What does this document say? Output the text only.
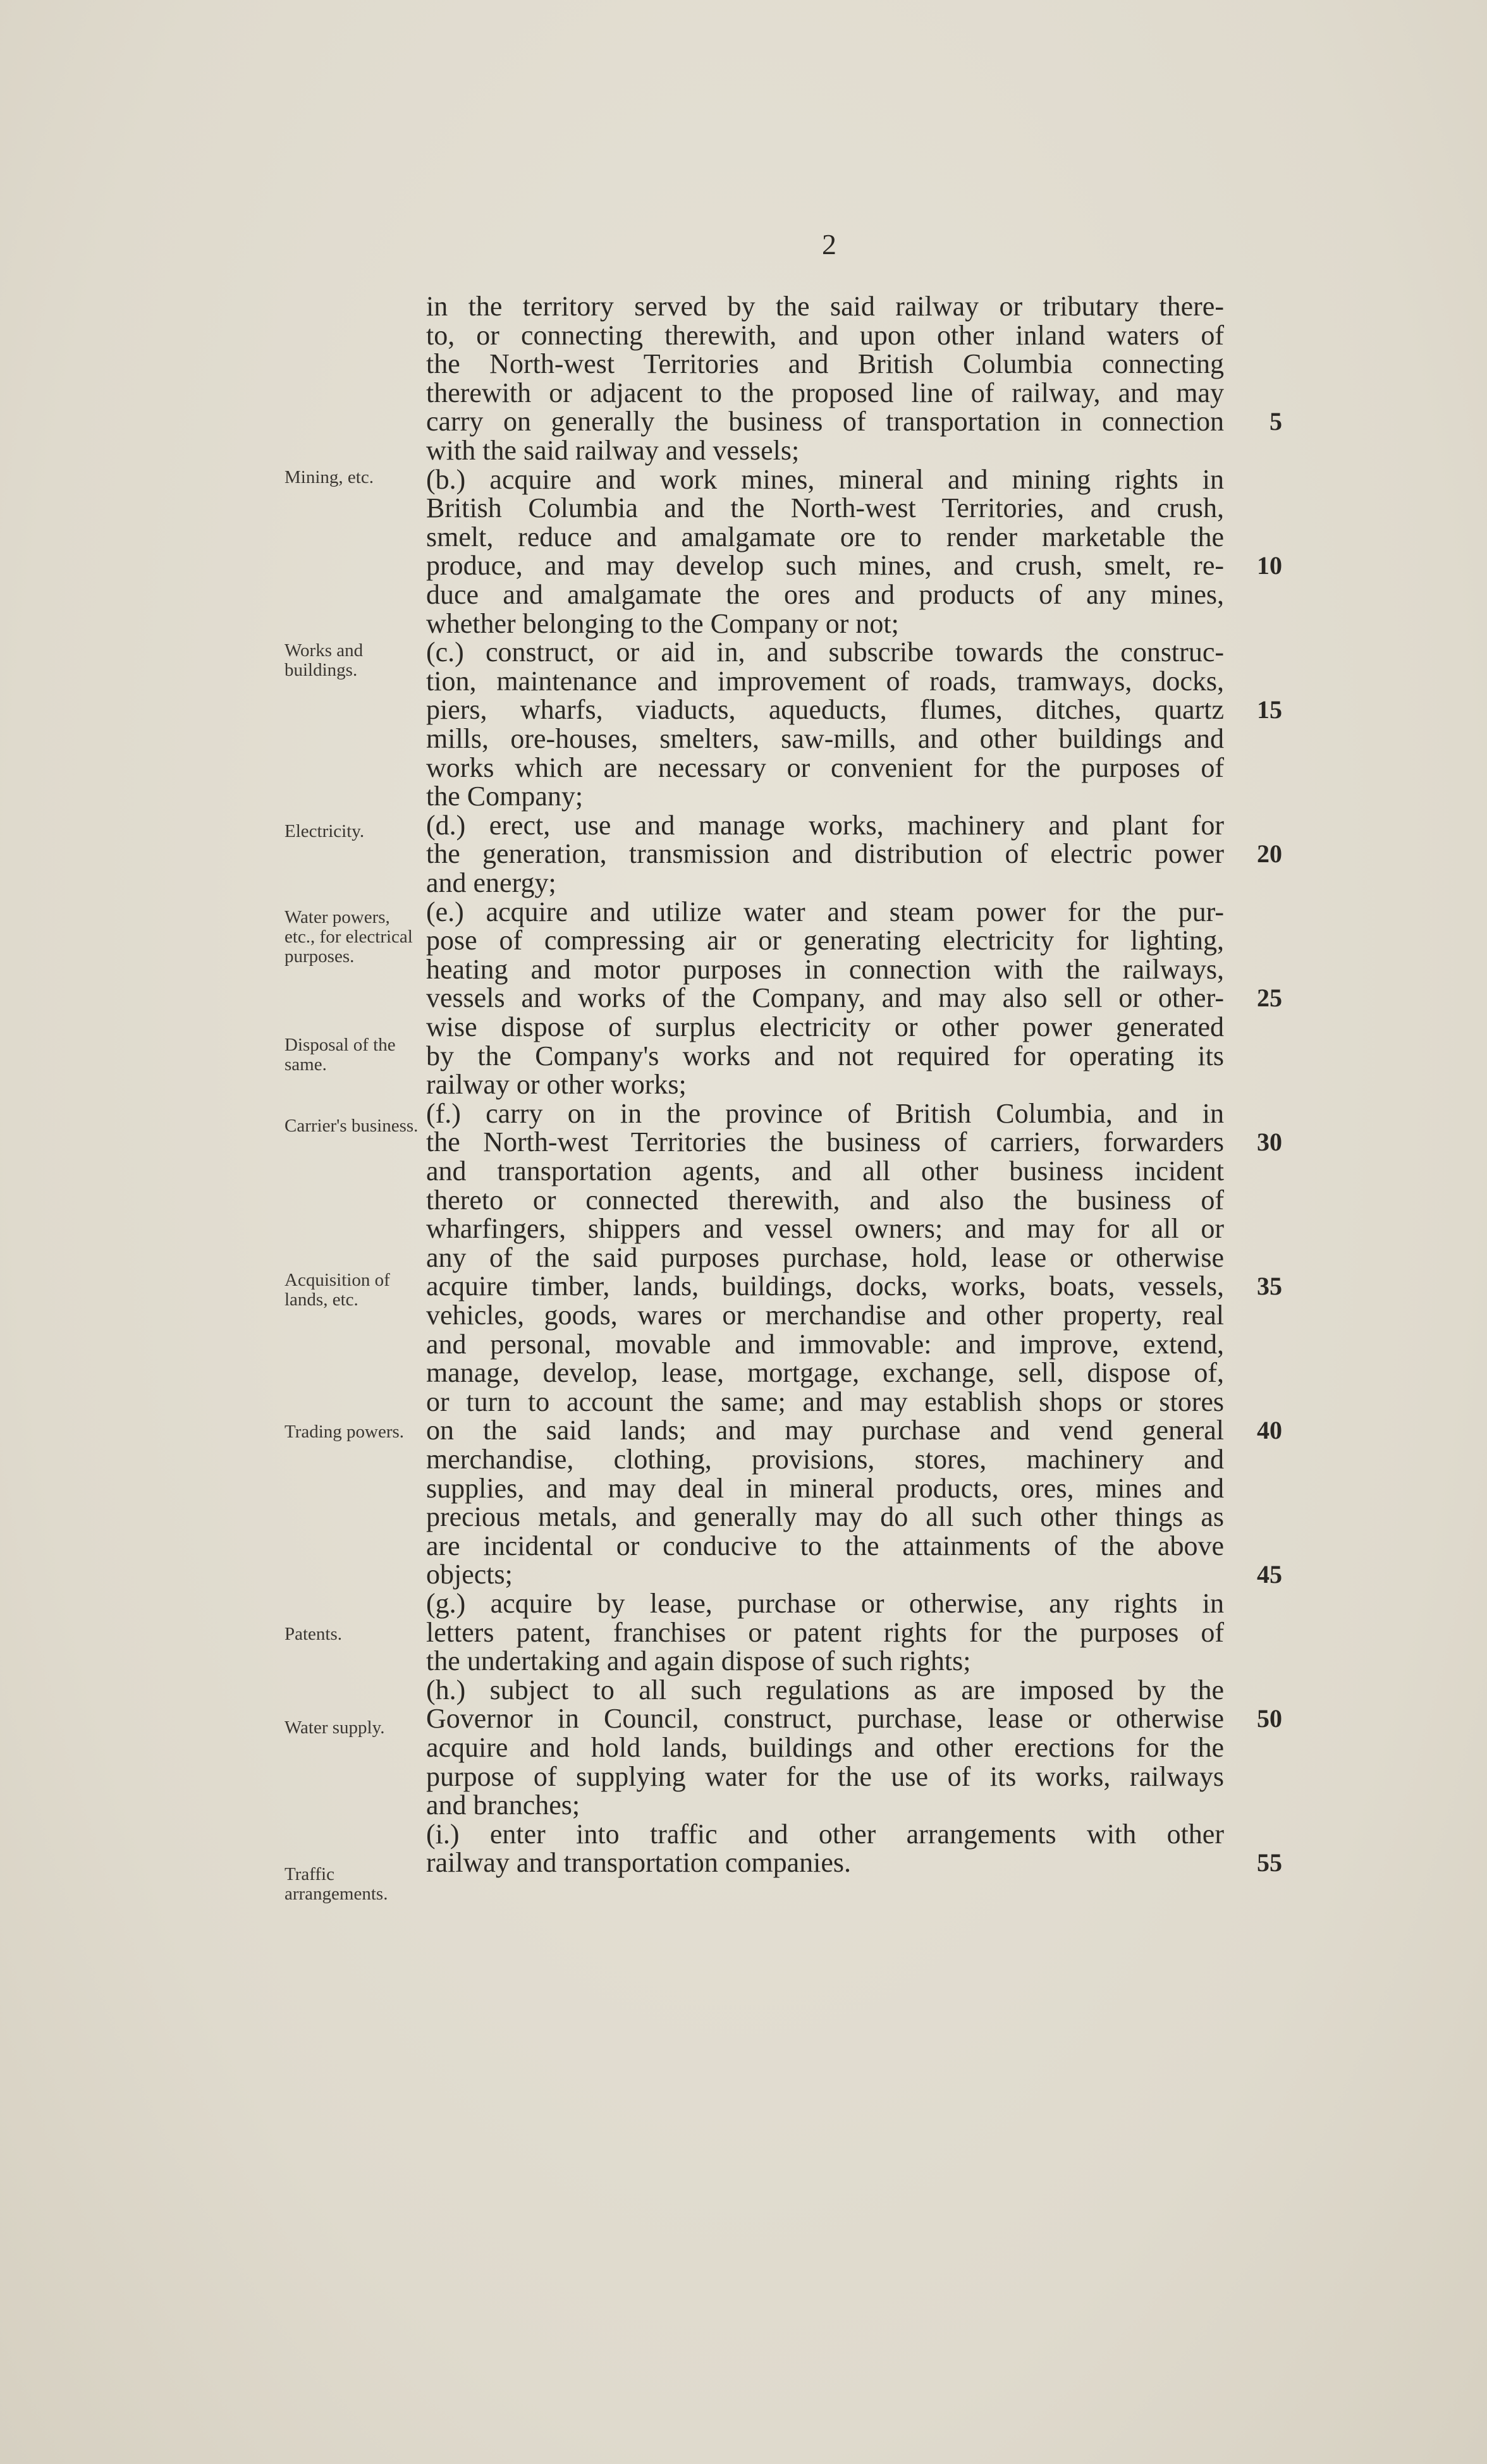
2
Mining, etc.
Works and buildings.
Electricity.
Water powers, etc., for electrical purposes.
Disposal of the same.
Carrier's business.
Acquisition of lands, etc.
Trading powers.
Patents.
Water supply.
Traffic arrangements.
in the territory served by the said railway or tributary there-
to, or connecting therewith, and upon other inland waters of
the North-west Territories and British Columbia connecting
therewith or adjacent to the proposed line of railway, and may
carry on generally the business of transportation in connection	5
with the said railway and vessels;
(b.) acquire and work mines, mineral and mining rights in
British Columbia and the North-west Territories, and crush,
smelt, reduce and amalgamate ore to render marketable the
produce, and may develop such mines, and crush, smelt, re-	10
duce and amalgamate the ores and products of any mines,
whether belonging to the Company or not;
(c.) construct, or aid in, and subscribe towards the construc-
tion, maintenance and improvement of roads, tramways, docks,
piers, wharfs, viaducts, aqueducts, flumes, ditches, quartz	15
mills, ore-houses, smelters, saw-mills, and other buildings and
works which are necessary or convenient for the purposes of
the Company;
(d.) erect, use and manage works, machinery and plant for
the generation, transmission and distribution of electric power	20
and energy;
(e.) acquire and utilize water and steam power for the pur-
pose of compressing air or generating electricity for lighting,
heating and motor purposes in connection with the railways,
vessels and works of the Company, and may also sell or other-	25
wise dispose of surplus electricity or other power generated
by the Company's works and not required for operating its
railway or other works;
(f.) carry on in the province of British Columbia, and in
the North-west Territories the business of carriers, forwarders	30
and transportation agents, and all other business incident
thereto or connected therewith, and also the business of
wharfingers, shippers and vessel owners; and may for all or
any of the said purposes purchase, hold, lease or otherwise
acquire timber, lands, buildings, docks, works, boats, vessels,	35
vehicles, goods, wares or merchandise and other property, real
and personal, movable and immovable: and improve, extend,
manage, develop, lease, mortgage, exchange, sell, dispose of,
or turn to account the same; and may establish shops or stores
on the said lands; and may purchase and vend general	40
merchandise, clothing, provisions, stores, machinery and
supplies, and may deal in mineral products, ores, mines and
precious metals, and generally may do all such other things as
are incidental or conducive to the attainments of the above
objects;	45
(g.) acquire by lease, purchase or otherwise, any rights in
letters patent, franchises or patent rights for the purposes of
the undertaking and again dispose of such rights;
(h.) subject to all such regulations as are imposed by the
Governor in Council, construct, purchase, lease or otherwise	50
acquire and hold lands, buildings and other erections for the
purpose of supplying water for the use of its works, railways
and branches;
(i.) enter into traffic and other arrangements with other
railway and transportation companies.	55
